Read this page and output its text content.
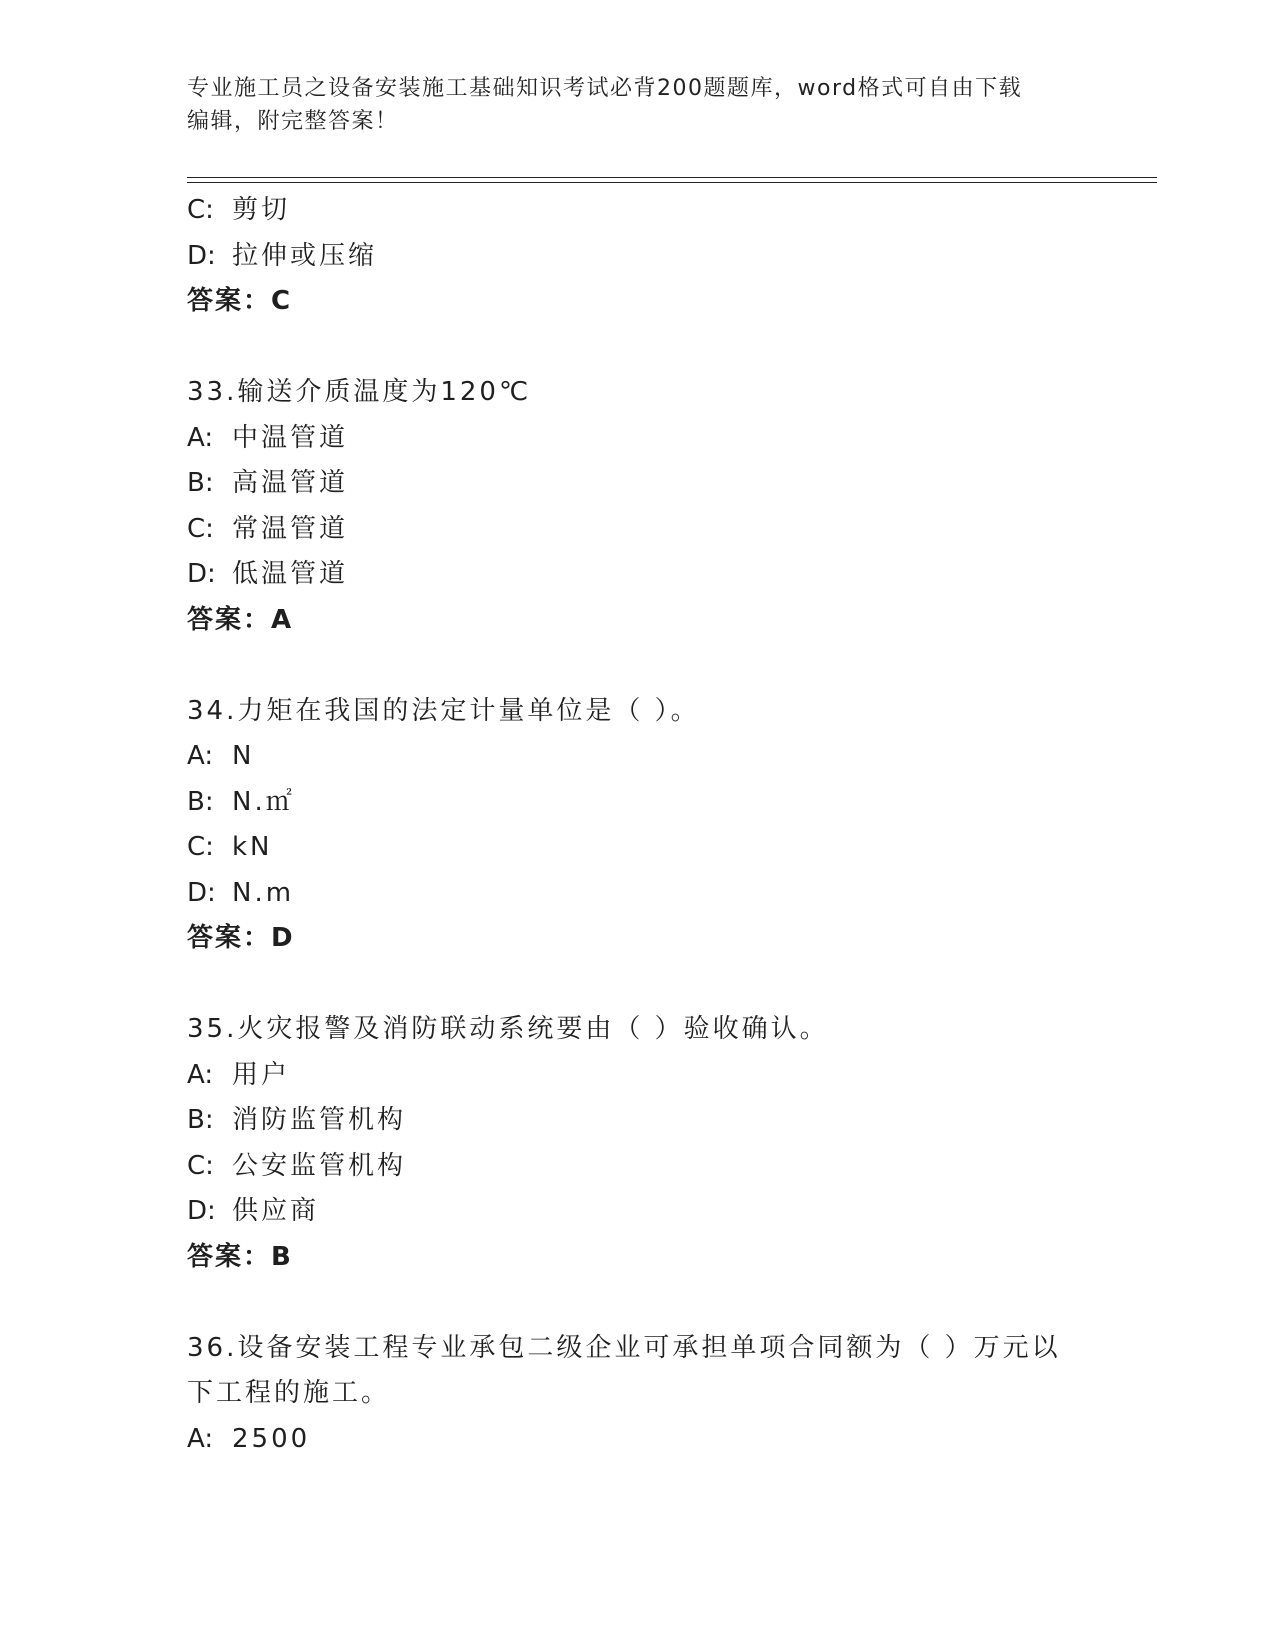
专业施工员之设备安装施工基础知识考试必背200题题库，word格式可自由下载
编辑，附完整答案！
C: 剪切
D: 拉伸或压缩
答案：C
33.输送介质温度为120℃
A: 中温管道
B: 高温管道
C: 常温管道
D: 低温管道
答案：A
34.力矩在我国的法定计量单位是（ ）。
A: N
B: N.㎡
C: kN
D: N.m
答案：D
35.火灾报警及消防联动系统要由（ ）验收确认。
A: 用户
B: 消防监管机构
C: 公安监管机构
D: 供应商
答案：B
36.设备安装工程专业承包二级企业可承担单项合同额为（ ）万元以
下工程的施工。
A: 2500
